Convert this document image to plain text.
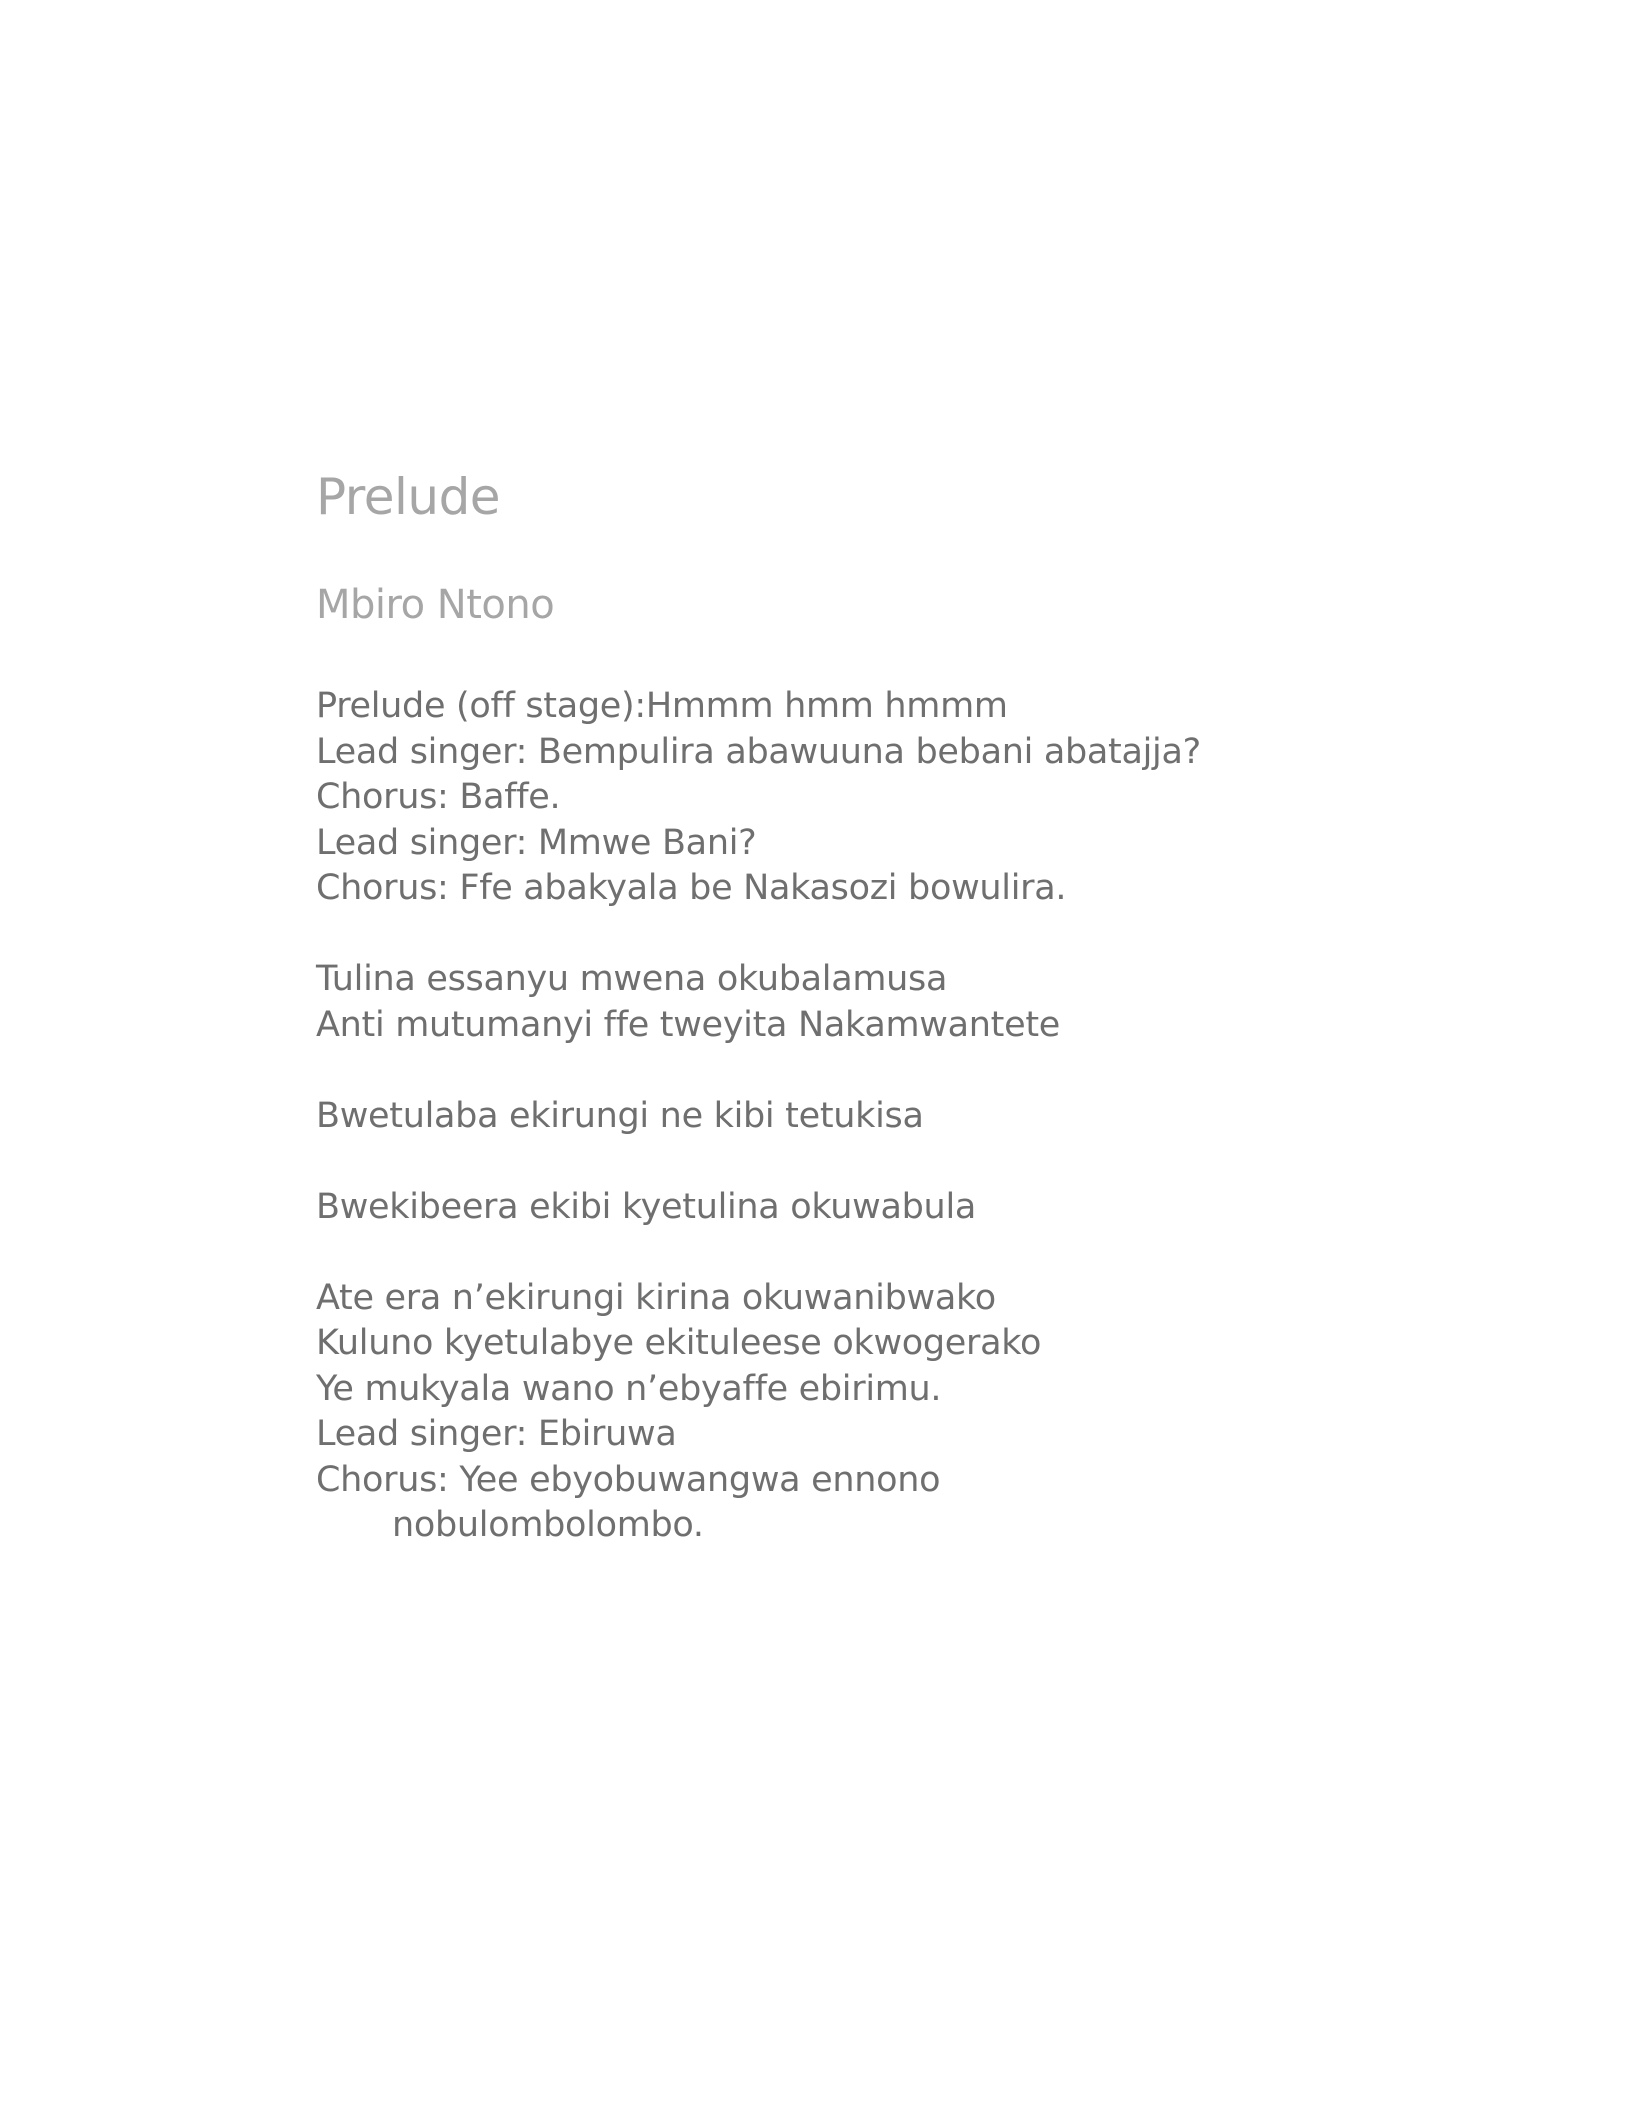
Prelude
Mbiro Ntono
Prelude (off stage):Hmmm hmm hmmm
Lead singer: Bempulira abawuuna bebani abatajja?
Chorus: Baffe.
Lead singer: Mmwe Bani?
Chorus: Ffe abakyala be Nakasozi bowulira.
Tulina essanyu mwena okubalamusa
Anti mutumanyi ffe tweyita Nakamwantete
Bwetulaba ekirungi ne kibi tetukisa
Bwekibeera ekibi kyetulina okuwabula
Ate era n’ekirungi kirina okuwanibwako
Kuluno kyetulabye ekituleese okwogerako
Ye mukyala wano n’ebyaffe ebirimu.
Lead singer: Ebiruwa
Chorus: Yee ebyobuwangwa ennono
nobulombolombo.
